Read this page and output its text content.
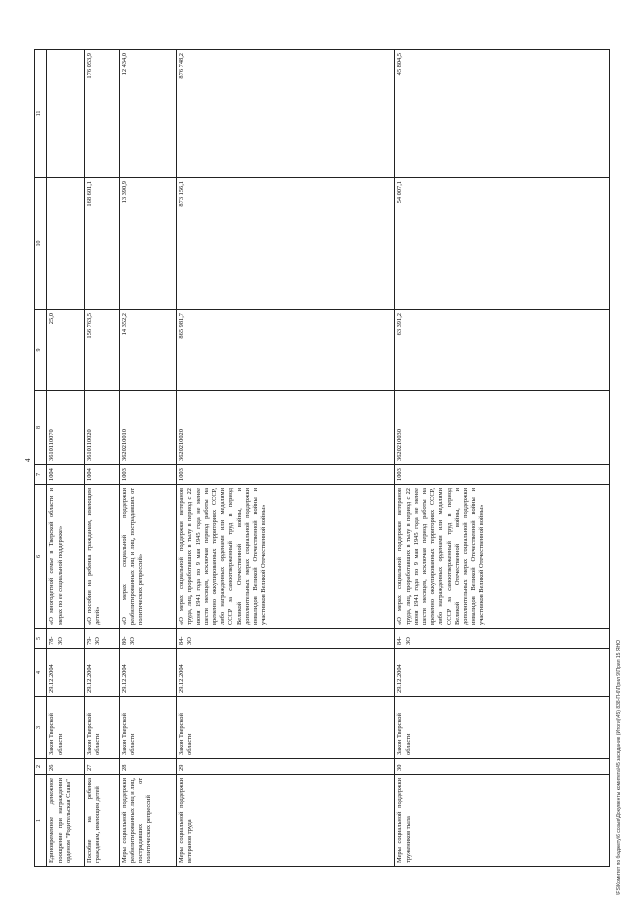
4
\FS\Комитет по бюджету\6 созыв\Документы комитета\45 заседание (Итоги)\45) 838-П-6\Прил 9\Прил 15 ЯНО
1	2	3	4	5	6	7	8	9	10	11
Единовременное денежное поощрение при награждении орденом "Родительская Слава"	26	Закон Тверской области	29.12.2004	78-ЗО	«О многодетной семье в Тверской области и мерах по ее социальной поддержке»	1004	3610110070	25,0		
Пособие на ребенка гражданам, имеющим детей	27	Закон Тверской области	29.12.2004	79-ЗО	«О пособии на ребенка гражданам, имеющим детей»	1004	3610110020	156 763,5	168 601,1	176 053,9
Меры социальной поддержки реабилитированных лиц и лиц, пострадавших от политических репрессий	28	Закон Тверской области	29.12.2004	80-ЗО	«О мерах социальной поддержки реабилитированных лиц и лиц, пострадавших от политических репрессий»	1003	3620210010	14 352,2	13 390,9	12 434,0
Меры социальной поддержки ветеранов труда	29	Закон Тверской области	29.12.2004	84-ЗО	«О мерах социальной поддержки ветеранов труда, лиц, проработавших в тылу в период с 22 июня 1941 года по 9 мая 1945 года не менее шести месяцев, исключая период работы на временно оккупированных территориях СССР, либо награжденных орденами или медалями СССР за самоотверженный труд в период Великой Отечественной войны, и дополнительных мерах социальной поддержки инвалидов Великой Отечественной войны и участников Великой Отечественной войны»	1003	3620210020	865 981,7	873 156,1	876 748,2
Меры социальной поддержки тружеников тыла	30	Закон Тверской области	29.12.2004	84-ЗО	«О мерах социальной поддержки ветеранов труда, лиц, проработавших в тылу в период с 22 июня 1941 года по 9 мая 1945 года не менее шести месяцев, исключая период работы на временно оккупированных территориях СССР, либо награжденных орденами или медалями СССР за самоотверженный труд в период Великой Отечественной войны, и дополнительных мерах социальной поддержки инвалидов Великой Отечественной войны и участников Великой Отечественной войны»	1003	3620210030	63 391,2	54 007,1	45 804,5
